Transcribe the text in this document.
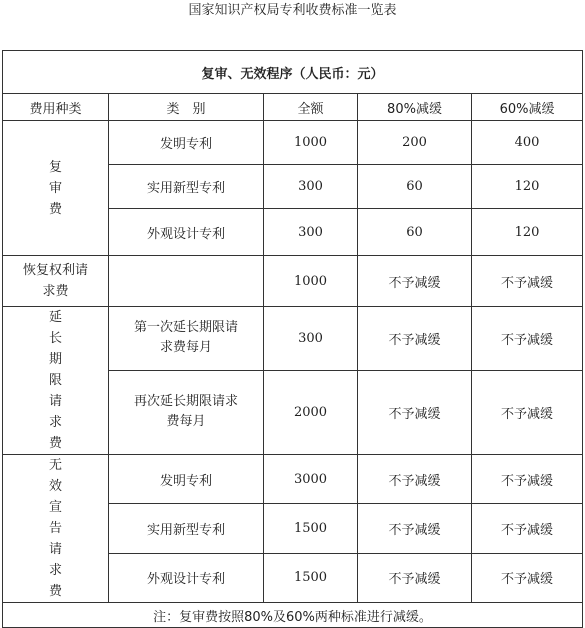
国家知识产权局专利收费标准一览表
复审、无效程序（人民币：元）				
费用种类	类　别	全额	80%减缓	60%减缓
复审费	发明专利	1000	200	400
	实用新型专利	300	60	120
	外观设计专利	300	60	120
恢复权利请求费		1000	不予减缓	不予减缓
延长期限请求费	第一次延长期限请求费每月	300	不予减缓	不予减缓
	再次延长期限请求费每月	2000	不予减缓	不予减缓
无效宣告请求费	发明专利	3000	不予减缓	不予减缓
	实用新型专利	1500	不予减缓	不予减缓
	外观设计专利	1500	不予减缓	不予减缓
注：复审费按照80%及60%两种标准进行减缓。				
